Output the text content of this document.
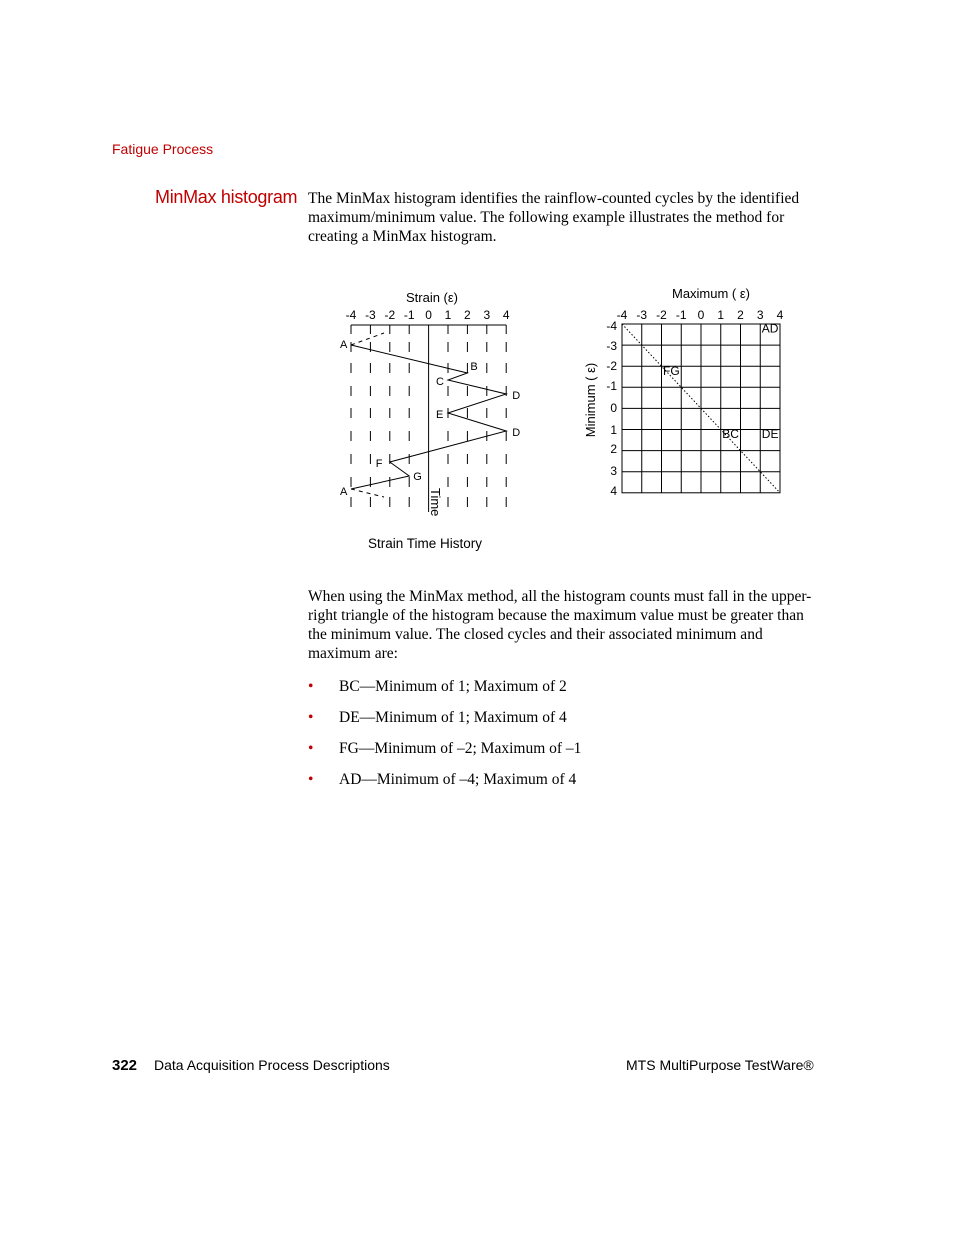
Fatigue Process
MinMax histogram The MinMax histogram identifies the rainflow-counted cycles by the identified maximum/minimum value. The following example illustrates the method for creating a MinMax histogram.

Strain (ε)
-4 -3 -2 -1 0 1 2 3 4
Time
A
B
C
D
E
D
F
G
A
Strain Time History
Maximum ( ε)
-4 -3 -2 -1 0 1 2 3 4
-4
-3
-2
-1
0
1
2
3
4
Minimum ( ε)
AD
FG
BC DE

When using the MinMax method, all the histogram counts must fall in the upper-right triangle of the histogram because the maximum value must be greater than the minimum value. The closed cycles and their associated minimum and maximum are:

• BC—Minimum of 1; Maximum of 2
• DE—Minimum of 1; Maximum of 4
• FG—Minimum of –2; Maximum of –1
• AD—Minimum of –4; Maximum of 4
322 Data Acquisition Process Descriptions	MTS MultiPurpose TestWare®
